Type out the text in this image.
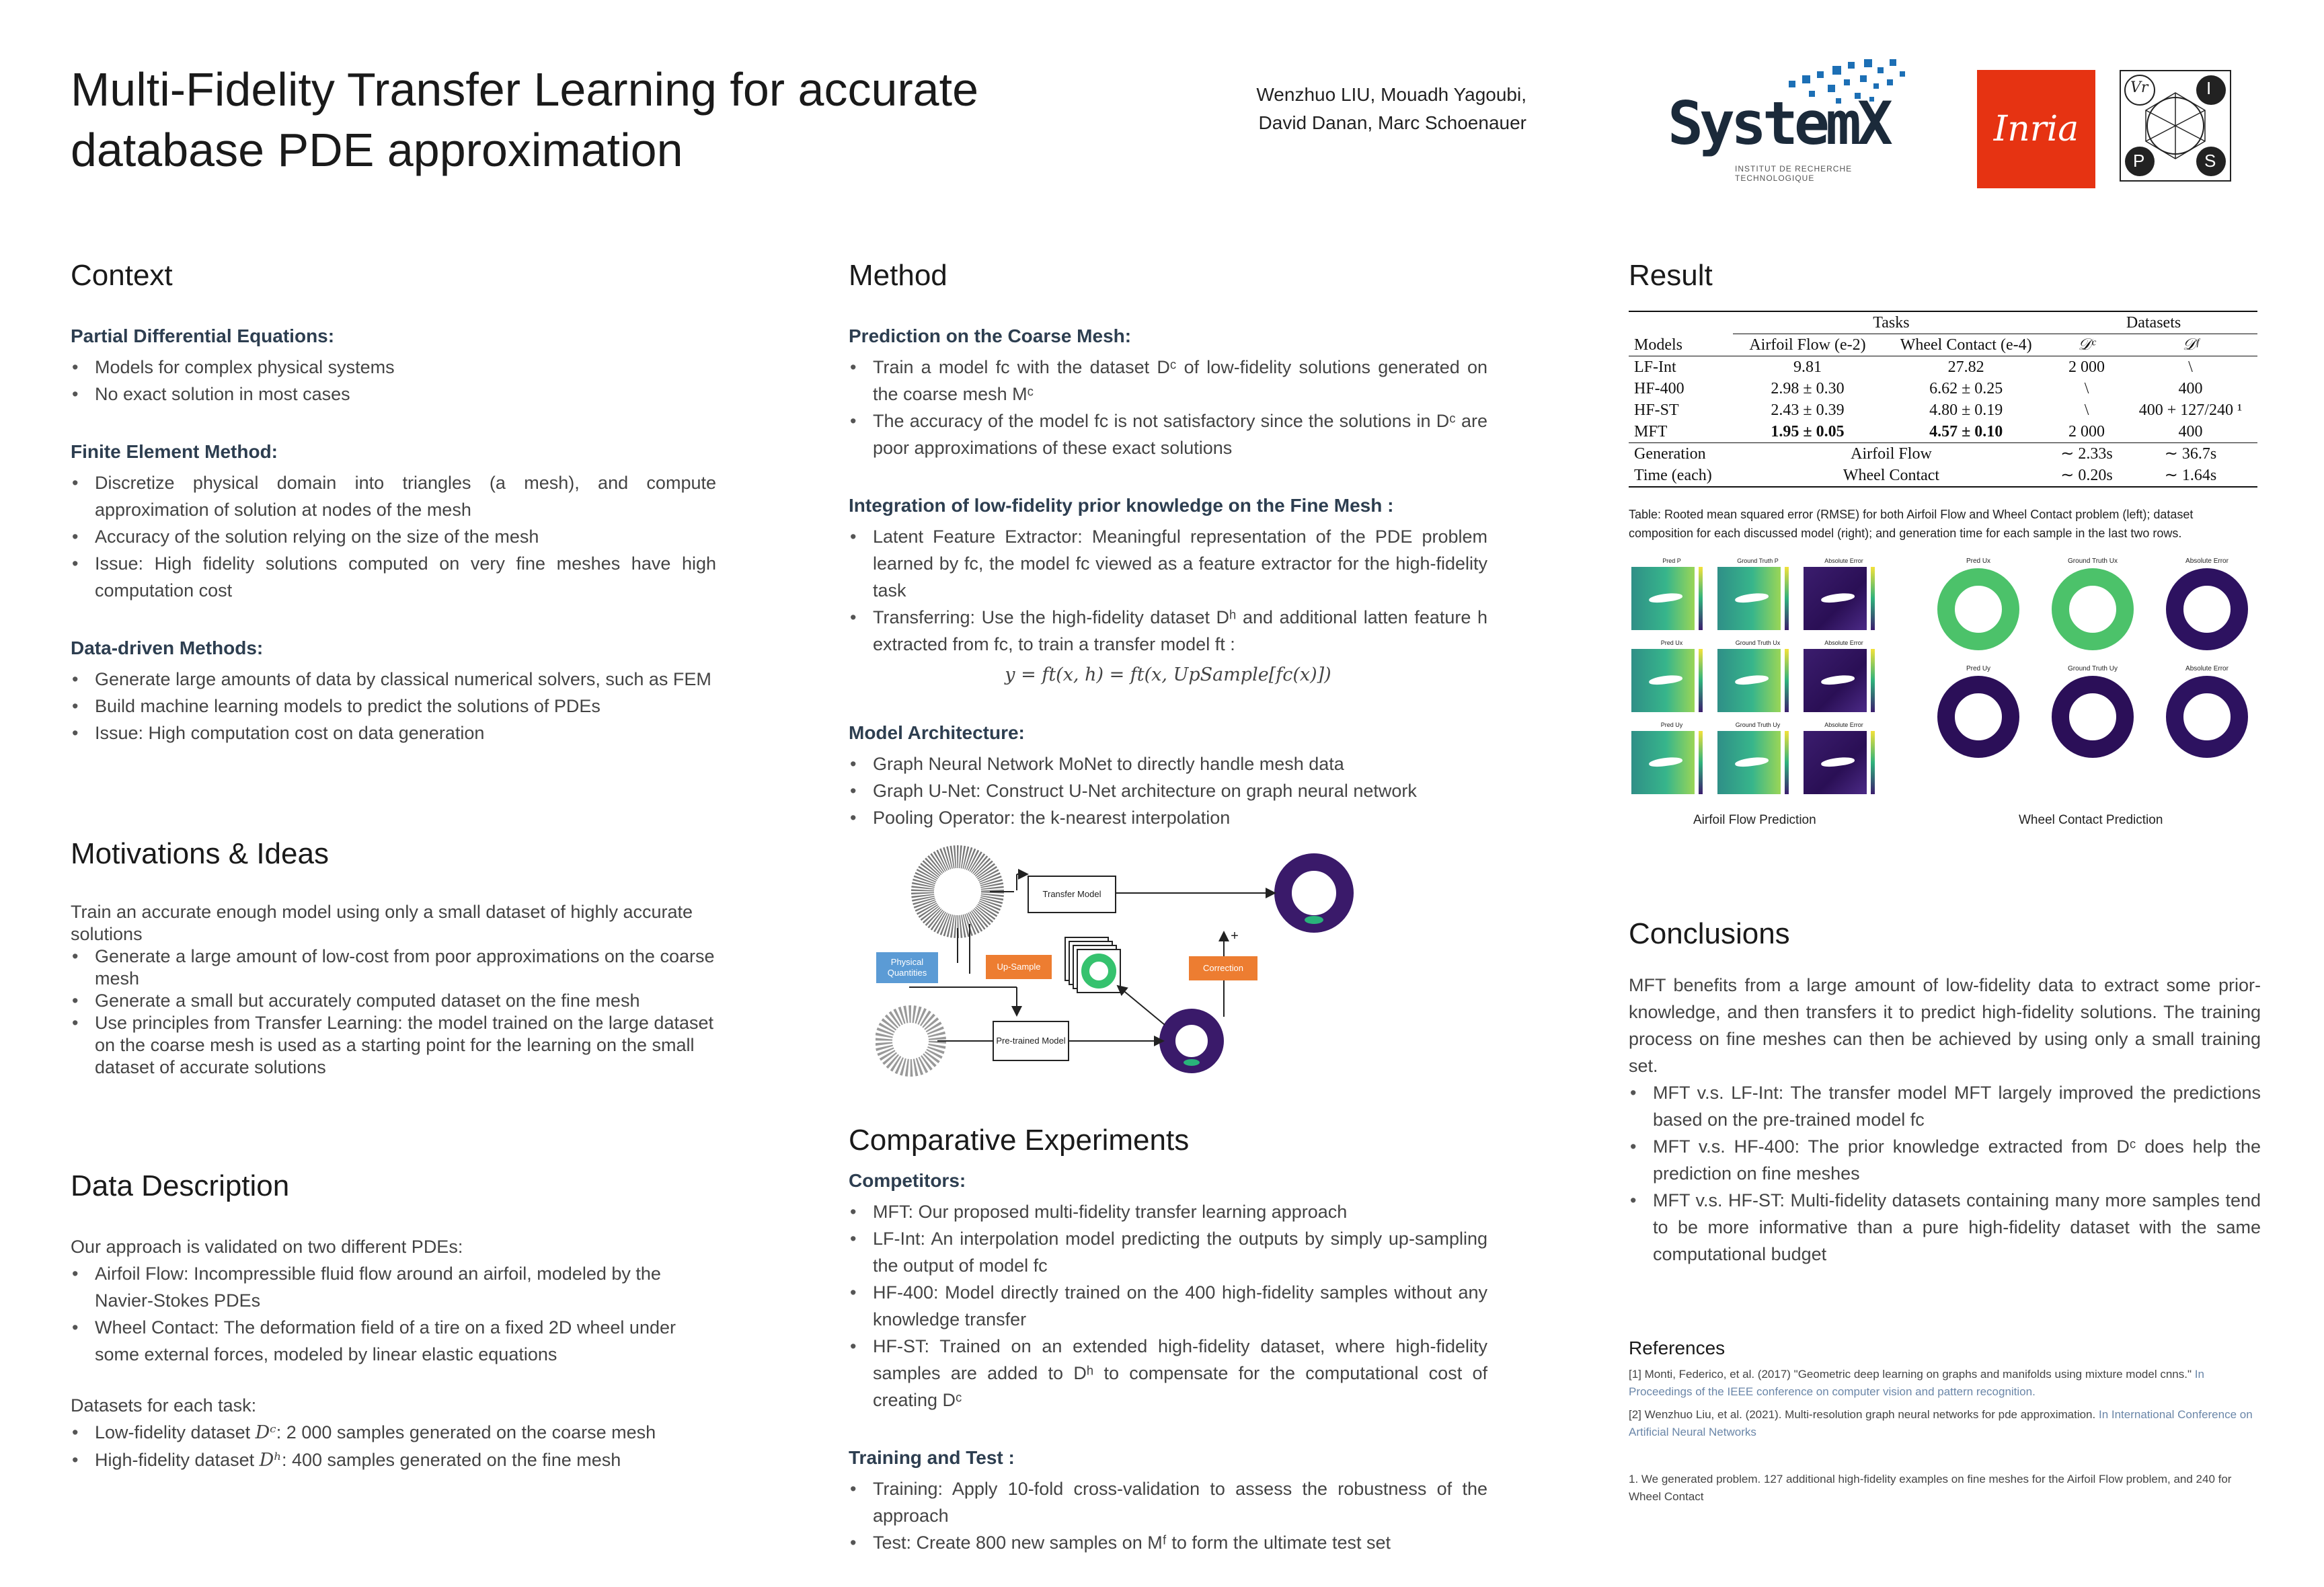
Multi-Fidelity Transfer Learning for accurate
database PDE approximation
Wenzhuo LIU, Mouadh Yagoubi,
David Danan, Marc Schoenauer SystemX
INSTITUT DE RECHERCHE
TECHNOLOGIQUE
Inria
Vr	I
P	S
Context
Partial Differential Equations:
• Models for complex physical systems
• No exact solution in most cases
Finite Element Method:
• Discretize physical domain into triangles (a mesh), and compute approximation of solution at nodes of the mesh
• Accuracy of the solution relying on the size of the mesh
• Issue: High fidelity solutions computed on very fine meshes have high computation cost
Data-driven Methods:
• Generate large amounts of data by classical numerical solvers, such as FEM
• Build machine learning models to predict the solutions of PDEs
• Issue: High computation cost on data generation
Motivations & Ideas

Train an accurate enough model using only a small dataset of highly accurate solutions

• Generate a large amount of low-cost from poor approximations on the coarse mesh
• Generate a small but accurately computed dataset on the fine mesh
• Use principles from Transfer Learning: the model trained on the large dataset on the coarse mesh is used as a starting point for the learning on the small dataset of accurate solutions
Data Description

Our approach is validated on two different PDEs:

• Airfoil Flow: Incompressible fluid flow around an airfoil, modeled by the Navier-Stokes PDEs
• Wheel Contact: The deformation field of a tire on a fixed 2D wheel under some external forces, modeled by linear elastic equations

Datasets for each task:

• Low-fidelity dataset Dᶜ: 2 000 samples generated on the coarse mesh
• High-fidelity dataset Dʰ: 400 samples generated on the fine mesh
Method
Prediction on the Coarse Mesh:
• Train a model fc with the dataset Dᶜ of low-fidelity solutions generated on the coarse mesh Mᶜ
• The accuracy of the model fc is not satisfactory since the solutions in Dᶜ are poor approximations of these exact solutions
Integration of low-fidelity prior knowledge on the Fine Mesh :
• Latent Feature Extractor: Meaningful representation of the PDE problem learned by fc, the model fc viewed as a feature extractor for the high-fidelity task
• Transferring: Use the high-fidelity dataset Dʰ and additional latten feature h extracted from fc, to train a transfer model ft :

y = ft(x, h) = ft(x, UpSample[fc(x)])

Model Architecture:
• Graph Neural Network MoNet to directly handle mesh data
• Graph U-Net: Construct U-Net architecture on graph neural network
• Pooling Operator: the k-nearest interpolation
Physical Quantities
Up-Sample
Transfer Model
Pre-trained Model
Correction
+
Comparative Experiments
Competitors:
• MFT: Our proposed multi-fidelity transfer learning approach
• LF-Int: An interpolation model predicting the outputs by simply up-sampling the output of model fc
• HF-400: Model directly trained on the 400 high-fidelity samples without any knowledge transfer
• HF-ST: Trained on an extended high-fidelity dataset, where high-fidelity samples are added to Dʰ to compensate for the computational cost of creating Dᶜ
Training and Test :
• Training: Apply 10-fold cross-validation to assess the robustness of the approach
• Test: Create 800 new samples on Mᶠ to form the ultimate test set
Result
	Tasks		Datasets	
Models	Airfoil Flow (e-2)	Wheel Contact (e-4)	𝒟ᶜ	𝒟ᶠ
LF-Int	9.81	27.82	2 000	\
HF-400	2.98 ± 0.30	6.62 ± 0.25	\	400
HF-ST	2.43 ± 0.39	4.80 ± 0.19	\	400 + 127/240 ¹
MFT	1.95 ± 0.05	4.57 ± 0.10	2 000	400
Generation	Airfoil Flow		∼ 2.33s	∼ 36.7s
Time (each)	Wheel Contact		∼ 0.20s	∼ 1.64s

Table: Rooted mean squared error (RMSE) for both Airfoil Flow and Wheel Contact problem (left); dataset composition for each discussed model (right); and generation time for each sample in the last two rows.

Pred P	Ground Truth P	Absolute Error
Pred Ux	Ground Truth Ux	Absolute Error
Pred Uy	Ground Truth Uy	Absolute Error
Pred Ux	Ground Truth Ux	Absolute Error
Pred Uy	Ground Truth Uy	Absolute Error
Airfoil Flow Prediction	Wheel Contact Prediction
Conclusions

MFT benefits from a large amount of low-fidelity data to extract some prior-knowledge, and then transfers it to predict high-fidelity solutions. The training process on fine meshes can then be achieved by using only a small training set.

• MFT v.s. LF-Int: The transfer model MFT largely improved the predictions based on the pre-trained model fc
• MFT v.s. HF-400: The prior knowledge extracted from Dᶜ does help the prediction on fine meshes
• MFT v.s. HF-ST: Multi-fidelity datasets containing many more samples tend to be more informative than a pure high-fidelity dataset with the same computational budget
References
[1] Monti, Federico, et al. (2017) "Geometric deep learning on graphs and manifolds using mixture model cnns." In Proceedings of the IEEE conference on computer vision and pattern recognition.
[2] Wenzhuo Liu, et al. (2021). Multi-resolution graph neural networks for pde approximation. In International Conference on Artificial Neural Networks
1. We generated problem. 127 additional high-fidelity examples on fine meshes for the Airfoil Flow problem, and 240 for Wheel Contact
